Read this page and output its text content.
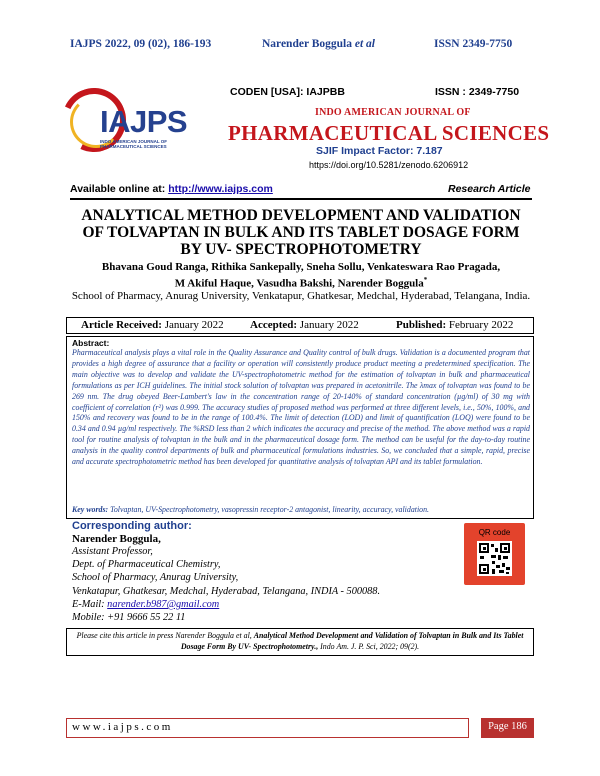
IAJPS 2022, 09 (02), 186-193	Narender Boggula et al	ISSN 2349-7750
IAJPS
INDO AMERICAN JOURNAL OF PHARMACEUTICAL SCIENCES
CODEN [USA]: IAJPBB	ISSN : 2349-7750
INDO AMERICAN JOURNAL OF
PHARMACEUTICAL SCIENCES
SJIF Impact Factor: 7.187
https://doi.org/10.5281/zenodo.6206912
Available online at: http://www.iajps.com	Research Article
ANALYTICAL METHOD DEVELOPMENT AND VALIDATION OF TOLVAPTAN IN BULK AND ITS TABLET DOSAGE FORM BY UV- SPECTROPHOTOMETRY
Bhavana Goud Ranga, Rithika Sankepally, Sneha Sollu, Venkateswara Rao Pragada,
M Akiful Haque, Vasudha Bakshi, Narender Boggula*
School of Pharmacy, Anurag University, Venkatapur, Ghatkesar, Medchal, Hyderabad, Telangana, India.
Article Received: January 2022 Accepted: January 2022	Published: February 2022
Abstract:
Pharmaceutical analysis plays a vital role in the Quality Assurance and Quality control of bulk drugs. Validation is a documented program that provides a high degree of assurance that a facility or operation will consistently produce product meeting a predetermined specification. The main objective was to develop and validate the UV-spectrophotometric method for the estimation of tolvaptan in bulk and pharmaceutical formulations as per ICH guidelines. The initial stock solution of tolvaptan was prepared in acetonitrile. The λmax of tolvaptan was found to be 269 nm. The drug obeyed Beer-Lambert's law in the concentration range of 20-140% of standard concentration (µg/ml) of 30 mg with coefficient of correlation (r²) was 0.999. The accuracy studies of proposed method was performed at three different levels, i.e., 50%, 100%, and 150% and recovery was found to be in the range of 100.4%. The limit of detection (LOD) and limit of quantification (LOQ) were found to be 0.34 and 0.94 µg/ml respectively. The %RSD less than 2 which indicates the accuracy and precise of the method. The above method was a rapid tool for routine analysis of tolvaptan in the bulk and in the pharmaceutical dosage form. The method can be useful for the day-to-day routine analysis in the quality control departments of bulk and pharmaceutical formulations industries. So, we concluded that a simple, rapid, precise and accurate spectrophotometric method has been developed for quantitative analysis of tolvaptan API and its tablet formulation.
Key words: Tolvaptan, UV-Spectrophotometry, vasopressin receptor-2 antagonist, linearity, accuracy, validation.
Corresponding author:
Narender Boggula,
Assistant Professor,
Dept. of Pharmaceutical Chemistry,
School of Pharmacy, Anurag University,
Venkatapur, Ghatkesar, Medchal, Hyderabad, Telangana, INDIA - 500088.
E-Mail: narender.b987@gmail.com
Mobile: +91 9666 55 22 11
QR code
Please cite this article in press Narender Boggula et al, Analytical Method Development and Validation of Tolvaptan in Bulk and Its Tablet Dosage Form By UV- Spectrophotometry., Indo Am. J. P. Sci, 2022; 09(2).
www.iajps.com	Page 186
